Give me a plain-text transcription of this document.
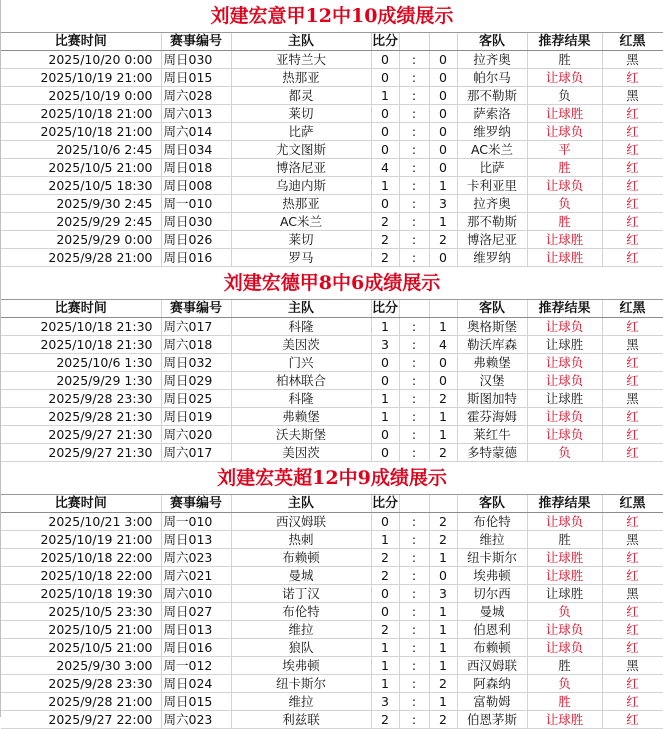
刘建宏意甲12中10成绩展示
比赛时间	赛事编号	主队	比分			客队	推荐结果	红黑
2025/10/20 0:00	周日030	亚特兰大	0	:	0	拉齐奥	胜	黑
2025/10/19 21:00	周日015	热那亚	0	:	0	帕尔马	让球负	红
2025/10/19 0:00	周六028	都灵	1	:	0	那不勒斯	负	黑
2025/10/18 21:00	周六013	莱切	0	:	0	萨索洛	让球胜	红
2025/10/18 21:00	周六014	比萨	0	:	0	维罗纳	让球负	红
2025/10/6 2:45	周日034	尤文图斯	0	:	0	AC米兰	平	红
2025/10/5 21:00	周日018	博洛尼亚	4	:	0	比萨	胜	红
2025/10/5 18:30	周日008	乌迪内斯	1	:	1	卡利亚里	让球负	红
2025/9/30 2:45	周一010	热那亚	0	:	3	拉齐奥	负	红
2025/9/29 2:45	周日030	AC米兰	2	:	1	那不勒斯	胜	红
2025/9/29 0:00	周日026	莱切	2	:	2	博洛尼亚	让球胜	红
2025/9/28 21:00	周日016	罗马	2	:	0	维罗纳	让球胜	红
刘建宏德甲8中6成绩展示
比赛时间	赛事编号	主队	比分			客队	推荐结果	红黑
2025/10/18 21:30	周六017	科隆	1	:	1	奥格斯堡	让球负	红
2025/10/18 21:30	周六018	美因茨	3	:	4	勒沃库森	让球胜	黑
2025/10/6 1:30	周日032	门兴	0	:	0	弗赖堡	让球负	红
2025/9/29 1:30	周日029	柏林联合	0	:	0	汉堡	让球负	红
2025/9/28 23:30	周日025	科隆	1	:	2	斯图加特	让球胜	黑
2025/9/28 21:30	周日019	弗赖堡	1	:	1	霍芬海姆	让球负	红
2025/9/27 21:30	周六020	沃夫斯堡	0	:	1	莱红牛	让球负	红
2025/9/27 21:30	周六017	美因茨	0	:	2	多特蒙德	负	红
刘建宏英超12中9成绩展示
比赛时间	赛事编号	主队	比分			客队	推荐结果	红黑
2025/10/21 3:00	周一010	西汉姆联	0	:	2	布伦特	让球负	红
2025/10/19 21:00	周日013	热刺	1	:	2	维拉	胜	黑
2025/10/18 22:00	周六023	布赖顿	2	:	1	纽卡斯尔	让球胜	红
2025/10/18 22:00	周六021	曼城	2	:	0	埃弗顿	让球胜	红
2025/10/18 19:30	周六010	诺丁汉	0	:	3	切尔西	让球胜	黑
2025/10/5 23:30	周日027	布伦特	0	:	1	曼城	负	红
2025/10/5 21:00	周日013	维拉	2	:	1	伯恩利	让球负	红
2025/10/5 21:00	周日016	狼队	1	:	1	布赖顿	让球负	红
2025/9/30 3:00	周一012	埃弗顿	1	:	1	西汉姆联	胜	黑
2025/9/28 23:30	周日024	纽卡斯尔	1	:	2	阿森纳	负	红
2025/9/28 21:00	周日015	维拉	3	:	1	富勒姆	胜	红
2025/9/27 22:00	周六023	利兹联	2	:	2	伯恩茅斯	让球胜	红
